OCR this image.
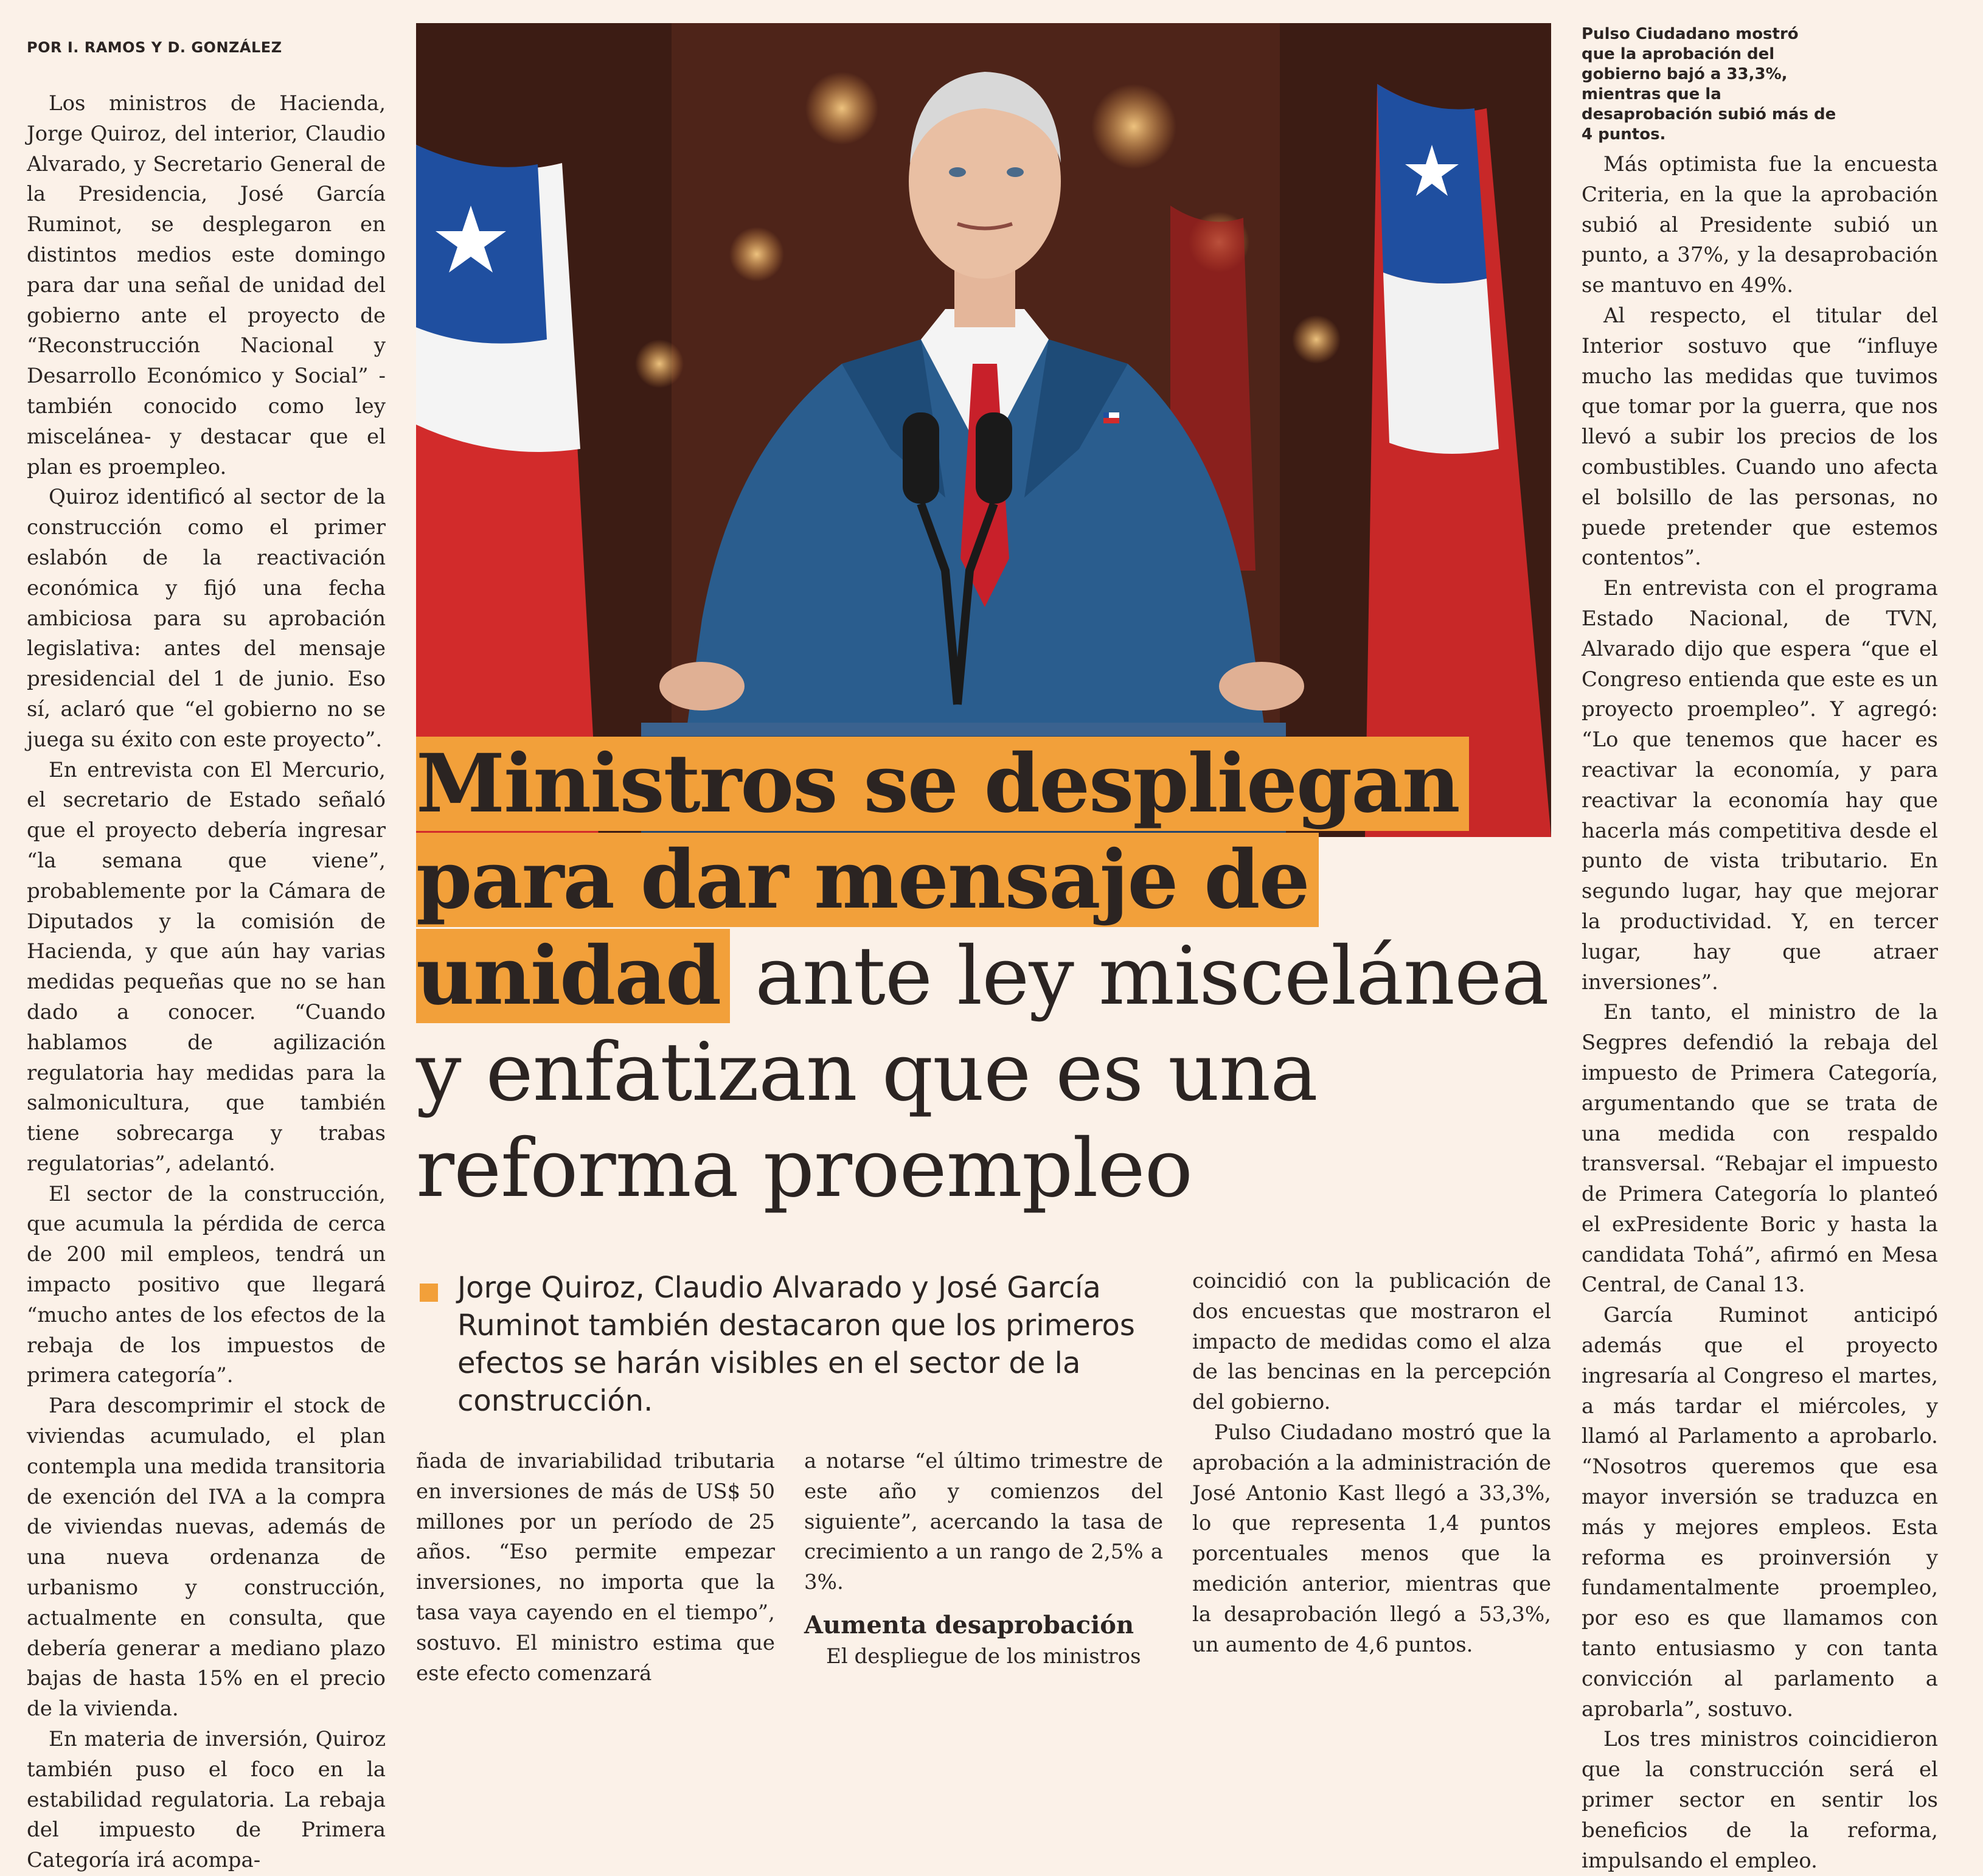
POR I. RAMOS Y D. GONZÁLEZ
Pulso Ciudadano mostró que la aprobación del gobierno bajó a 33,3%, mientras que la desaprobación subió más de 4 puntos.
Ministros se despliegan para dar mensaje de unidad ante ley miscelánea y enfatizan que es una reforma proempleo
Jorge Quiroz, Claudio Alvarado y José García Ruminot también destacaron que los primeros efectos se harán visibles en el sector de la construcción.

Los ministros de Hacienda, Jorge Quiroz, del interior, Claudio Alvarado, y Secretario General de la Presidencia, José García Ruminot, se desplegaron en distintos medios este domingo para dar una señal de unidad del gobierno ante el proyecto de “Reconstrucción Nacional y Desarrollo Económico y Social” -también conocido como ley miscelánea- y destacar que el plan es proempleo.

Quiroz identificó al sector de la construcción como el primer eslabón de la reactivación económica y fijó una fecha ambiciosa para su aprobación legislativa: antes del mensaje presidencial del 1 de junio. Eso sí, aclaró que “el gobierno no se juega su éxito con este proyecto”.

En entrevista con El Mercurio, el secretario de Estado señaló que el proyecto debería ingresar “la semana que viene”, probablemente por la Cámara de Diputados y la comisión de Hacienda, y que aún hay varias medidas pequeñas que no se han dado a conocer. “Cuando hablamos de agilización regulatoria hay medidas para la salmonicultura, que también tiene sobrecarga y trabas regulatorias”, adelantó.

El sector de la construcción, que acumula la pérdida de cerca de 200 mil empleos, tendrá un impacto positivo que llegará “mucho antes de los efectos de la rebaja de los impuestos de primera categoría”.

Para descomprimir el stock de viviendas acumulado, el plan contempla una medida transitoria de exención del IVA a la compra de viviendas nuevas, además de una nueva ordenanza de urbanismo y construcción, actualmente en consulta, que debería generar a mediano plazo bajas de hasta 15% en el precio de la vivienda.

En materia de inversión, Quiroz también puso el foco en la estabilidad regulatoria. La rebaja del impuesto de Primera Categoría irá acompa-

ñada de invariabilidad tributaria en inversiones de más de US$ 50 millones por un período de 25 años. “Eso permite empezar inversiones, no importa que la tasa vaya cayendo en el tiempo”, sostuvo. El ministro estima que este efecto comenzará

a notarse “el último trimestre de este año y comienzos del siguiente”, acercando la tasa de crecimiento a un rango de 2,5% a 3%.

Aumenta desaprobación

El despliegue de los ministros

coincidió con la publicación de dos encuestas que mostraron el impacto de medidas como el alza de las bencinas en la percepción del gobierno.

Pulso Ciudadano mostró que la aprobación a la administración de José Antonio Kast llegó a 33,3%, lo que representa 1,4 puntos porcentuales menos que la medición anterior, mientras que la desaprobación llegó a 53,3%, un aumento de 4,6 puntos.

Más optimista fue la encuesta Criteria, en la que la aprobación subió al Presidente subió un punto, a 37%, y la desaprobación se mantuvo en 49%.

Al respecto, el titular del Interior sostuvo que “influye mucho las medidas que tuvimos que tomar por la guerra, que nos llevó a subir los precios de los combustibles. Cuando uno afecta el bolsillo de las personas, no puede pretender que estemos contentos”.

En entrevista con el programa Estado Nacional, de TVN, Alvarado dijo que espera “que el Congreso entienda que este es un proyecto proempleo”. Y agregó: “Lo que tenemos que hacer es reactivar la economía, y para reactivar la economía hay que hacerla más competitiva desde el punto de vista tributario. En segundo lugar, hay que mejorar la productividad. Y, en tercer lugar, hay que atraer inversiones”.

En tanto, el ministro de la Segpres defendió la rebaja del impuesto de Primera Categoría, argumentando que se trata de una medida con respaldo transversal. “Rebajar el impuesto de Primera Categoría lo planteó el exPresidente Boric y hasta la candidata Tohá”, afirmó en Mesa Central, de Canal 13.

García Ruminot anticipó además que el proyecto ingresaría al Congreso el martes, a más tardar el miércoles, y llamó al Parlamento a aprobarlo. “Nosotros queremos que esa mayor inversión se traduzca en más y mejores empleos. Esta reforma es proinversión y fundamentalmente proempleo, por eso es que llamamos con tanto entusiasmo y con tanta convicción al parlamento a aprobarla”, sostuvo.

Los tres ministros coincidieron que la construcción será el primer sector en sentir los beneficios de la reforma, impulsando el empleo.
